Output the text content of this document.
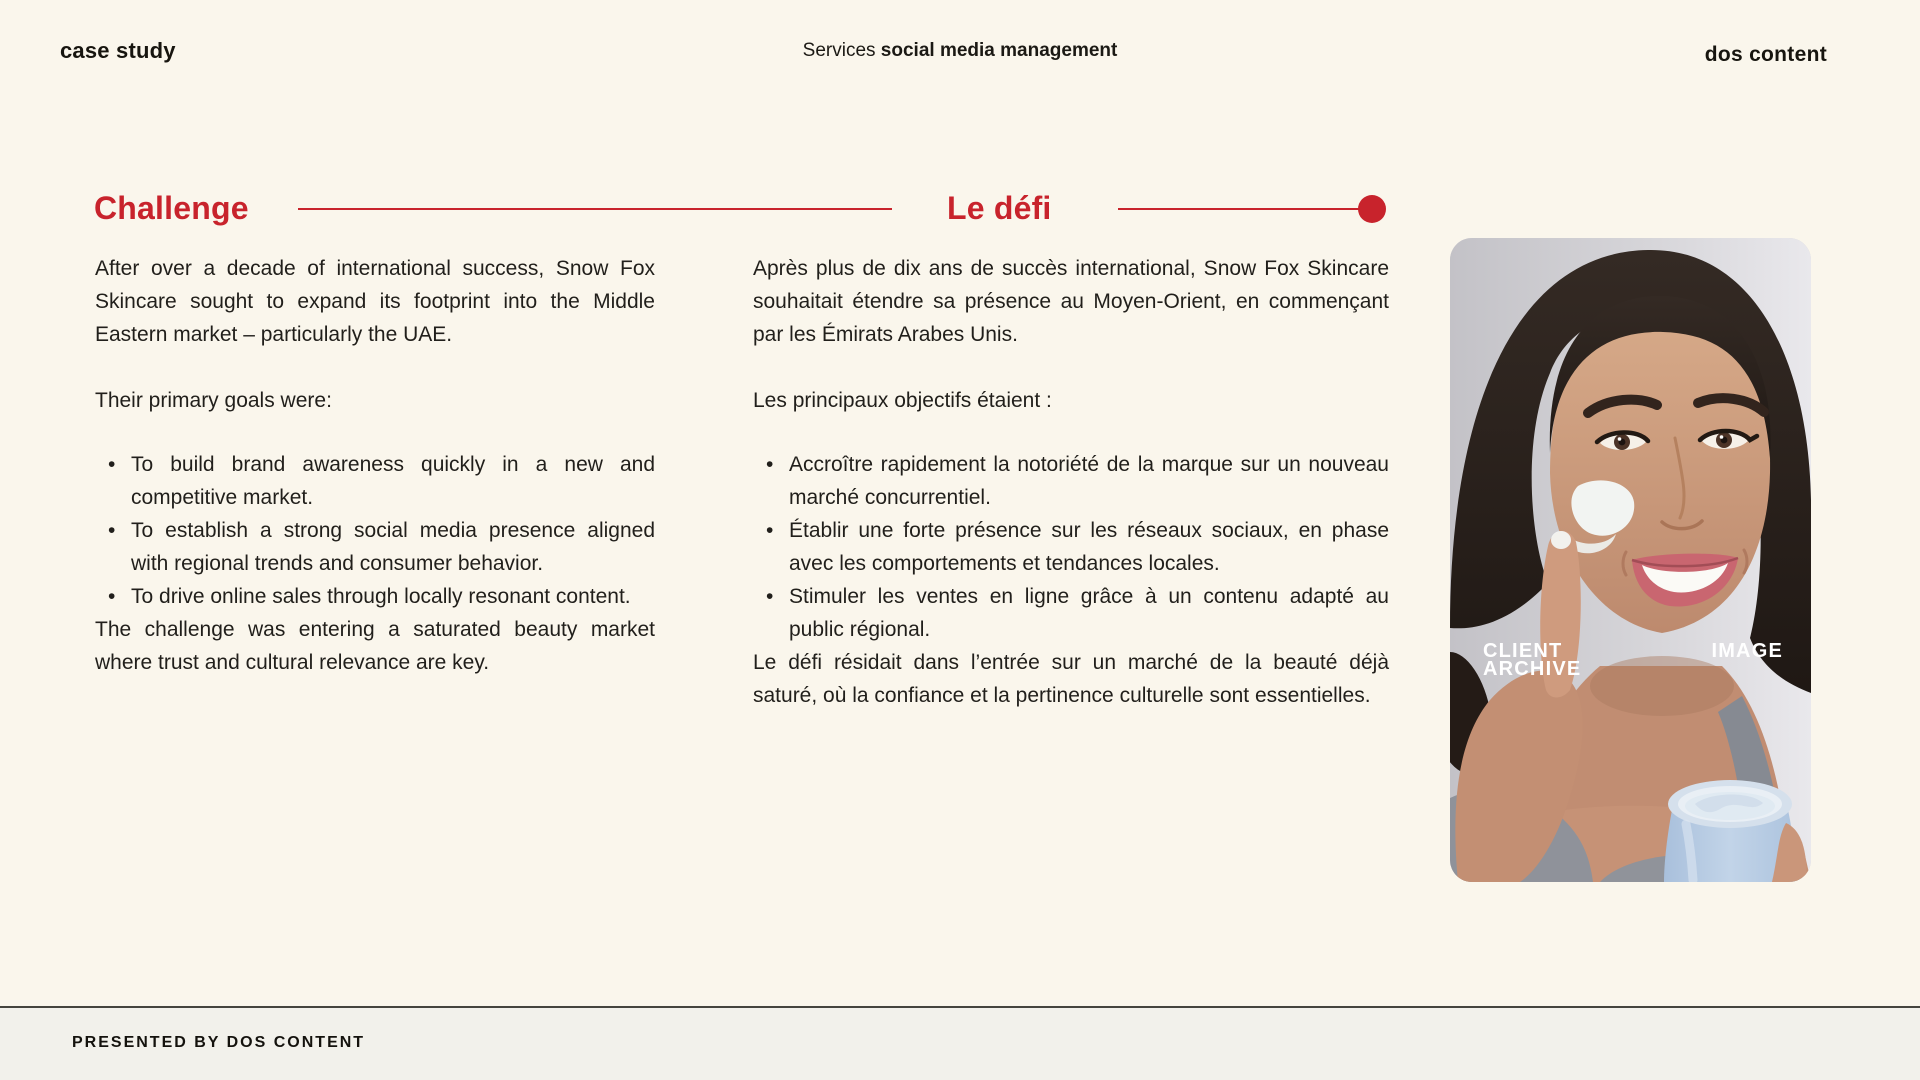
case study	Services social media management	dos content
Challenge	Le défi

After over a decade of international success, Snow Fox Skincare sought to expand its footprint into the Middle Eastern market – particularly the UAE.

Their primary goals were:

• To build brand awareness quickly in a new and competitive market.
• To establish a strong social media presence aligned with regional trends and consumer behavior.
• To drive online sales through locally resonant content.

The challenge was entering a saturated beauty market where trust and cultural relevance are key.

Après plus de dix ans de succès international, Snow Fox Skincare souhaitait étendre sa présence au Moyen-Orient, en commençant par les Émirats Arabes Unis.

Les principaux objectifs étaient :

• Accroître rapidement la notoriété de la marque sur un nouveau marché concurrentiel.
• Établir une forte présence sur les réseaux sociaux, en phase avec les comportements et tendances locales.
• Stimuler les ventes en ligne grâce à un contenu adapté au public régional.

Le défi résidait dans l’entrée sur un marché de la beauté déjà saturé, où la confiance et la pertinence culturelle sont essentielles.

CLIENT
ARCHIVE
IMAGE
PRESENTED BY DOS CONTENT
